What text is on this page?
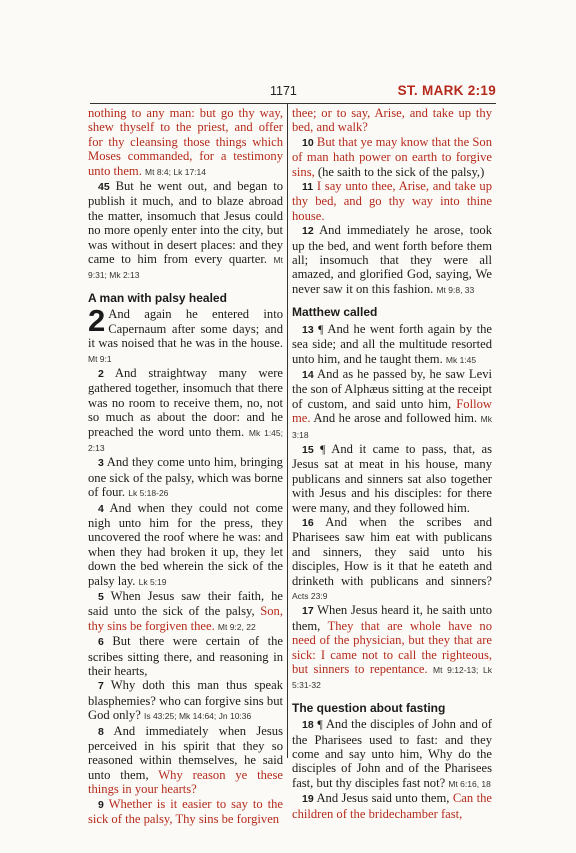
1171	ST. MARK 2:19

nothing to any man: but go thy way, shew thyself to the priest, and offer for thy cleansing those things which Moses commanded, for a testimony unto them. Mt 8:4; Lk 17:14

45 But he went out, and began to publish it much, and to blaze abroad the matter, insomuch that Jesus could no more openly enter into the city, but was without in desert places: and they came to him from every quarter. Mt 9:31; Mk 2:13

A man with palsy healed

2 And again he entered into Capernaum after some days; and it was noised that he was in the house. Mt 9:1

2 And straightway many were gathered together, insomuch that there was no room to receive them, no, not so much as about the door: and he preached the word unto them. Mk 1:45; 2:13

3 And they come unto him, bringing one sick of the palsy, which was borne of four. Lk 5:18-26

4 And when they could not come nigh unto him for the press, they uncovered the roof where he was: and when they had broken it up, they let down the bed wherein the sick of the palsy lay. Lk 5:19

5 When Jesus saw their faith, he said unto the sick of the palsy, Son, thy sins be forgiven thee. Mt 9:2, 22

6 But there were certain of the scribes sitting there, and reasoning in their hearts,

7 Why doth this man thus speak blasphemies? who can forgive sins but God only? Is 43:25; Mk 14:64; Jn 10:36

8 And immediately when Jesus perceived in his spirit that they so reasoned within themselves, he said unto them, Why reason ye these things in your hearts?

9 Whether is it easier to say to the sick of the palsy, Thy sins be forgiven

thee; or to say, Arise, and take up thy bed, and walk?

10 But that ye may know that the Son of man hath power on earth to forgive sins, (he saith to the sick of the palsy,)

11 I say unto thee, Arise, and take up thy bed, and go thy way into thine house.

12 And immediately he arose, took up the bed, and went forth before them all; insomuch that they were all amazed, and glorified God, saying, We never saw it on this fashion. Mt 9:8, 33

Matthew called

13 ¶ And he went forth again by the sea side; and all the multitude resorted unto him, and he taught them. Mk 1:45

14 And as he passed by, he saw Levi the son of Alphæus sitting at the receipt of custom, and said unto him, Follow me. And he arose and followed him. Mk 3:18

15 ¶ And it came to pass, that, as Jesus sat at meat in his house, many publicans and sinners sat also together with Jesus and his disciples: for there were many, and they followed him.

16 And when the scribes and Pharisees saw him eat with publicans and sinners, they said unto his disciples, How is it that he eateth and drinketh with publicans and sinners? Acts 23:9

17 When Jesus heard it, he saith unto them, They that are whole have no need of the physician, but they that are sick: I came not to call the righteous, but sinners to repentance. Mt 9:12-13; Lk 5:31-32

The question about fasting

18 ¶ And the disciples of John and of the Pharisees used to fast: and they come and say unto him, Why do the disciples of John and of the Pharisees fast, but thy disciples fast not? Mt 6:16, 18

19 And Jesus said unto them, Can the children of the bridechamber fast,
